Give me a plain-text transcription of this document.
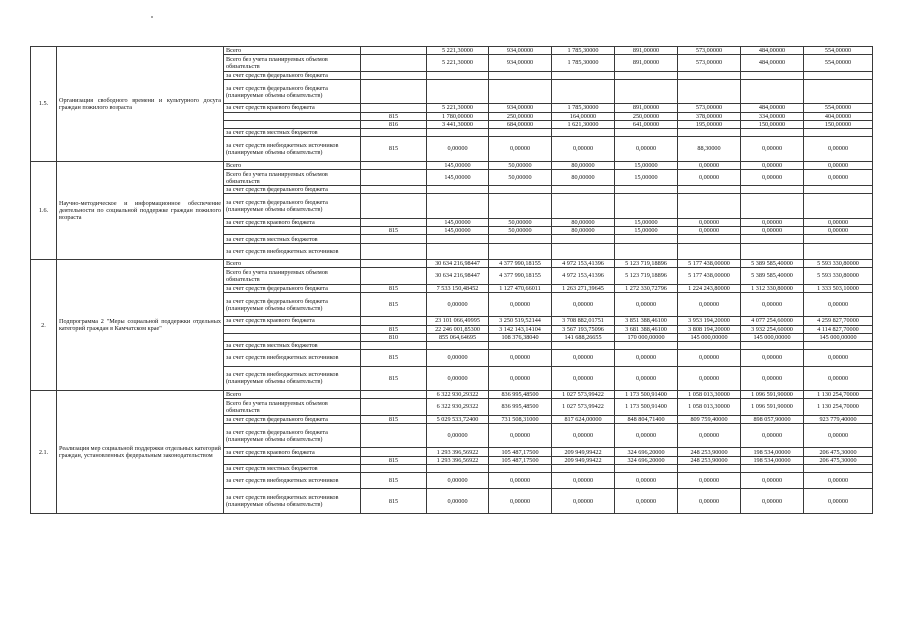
1.5.	Организация свободного времени и культурного досуга граждан пожилого возраста	Всего		5 221,30000	934,00000	1 785,30000	891,00000	573,00000	484,00000	554,00000
		Всего без учета планируемых объемов обязательств		5 221,30000	934,00000	1 785,30000	891,00000	573,00000	484,00000	554,00000
		за счет средств федерального бюджета								
		за счет средств федерального бюджета (планируемые объемы обязательств)								
		за счет средств краевого бюджета		5 221,30000	934,00000	1 785,30000	891,00000	573,00000	484,00000	554,00000
			815	1 780,00000	250,00000	164,00000	250,00000	378,00000	334,00000	404,00000
			816	3 441,30000	684,00000	1 621,30000	641,00000	195,00000	150,00000	150,00000
		за счет средств местных бюджетов								
		за счет средств внебюджетных источников (планируемые объемы обязательств)	815	0,00000	0,00000	0,00000	0,00000	88,30000	0,00000	0,00000
1.6.	Научно-методическое и информационное обеспечение деятельности по социальной поддержке граждан пожилого возраста	Всего		145,00000	50,00000	80,00000	15,00000	0,00000	0,00000	0,00000
		Всего без учета планируемых объемов обязательств		145,00000	50,00000	80,00000	15,00000	0,00000	0,00000	0,00000
		за счет средств федерального бюджета								
		за счет средств федерального бюджета (планируемые объемы обязательств)								
		за счет средств краевого бюджета		145,00000	50,00000	80,00000	15,00000	0,00000	0,00000	0,00000
			815	145,00000	50,00000	80,00000	15,00000	0,00000	0,00000	0,00000
		за счет средств местных бюджетов								
		за счет средств внебюджетных источников								
2.	Подпрограмма 2 "Меры социальной поддержки отдельных категорий граждан в Камчатском крае"	Всего		30 634 216,98447	4 377 990,18155	4 972 153,41396	5 123 719,18896	5 177 438,00000	5 389 585,40000	5 593 330,80000
		Всего без учета планируемых объемов обязательств		30 634 216,98447	4 377 990,18155	4 972 153,41396	5 123 719,18896	5 177 438,00000	5 389 585,40000	5 593 330,80000
		за счет средств федерального бюджета	815	7 533 150,48452	1 127 470,66011	1 263 271,39645	1 272 330,72796	1 224 243,80000	1 312 330,80000	1 333 503,10000
		за счет средств федерального бюджета (планируемые объемы обязательств)	815	0,00000	0,00000	0,00000	0,00000	0,00000	0,00000	0,00000
		за счет средств краевого бюджета		23 101 066,49995	3 250 519,52144	3 708 882,01751	3 851 388,46100	3 953 194,20000	4 077 254,60000	4 259 827,70000
			815	22 246 001,85300	3 142 143,14104	3 567 193,75096	3 681 388,46100	3 808 194,20000	3 932 254,60000	4 114 827,70000
			810	855 064,64695	108 376,38040	141 688,26655	170 000,00000	145 000,00000	145 000,00000	145 000,00000
		за счет средств местных бюджетов								
		за счет средств внебюджетных источников	815	0,00000	0,00000	0,00000	0,00000	0,00000	0,00000	0,00000
		за счет средств внебюджетных источников (планируемые объемы обязательств)	815	0,00000	0,00000	0,00000	0,00000	0,00000	0,00000	0,00000
2.1.	Реализация мер социальной поддержки отдельных категорий граждан, установленных федеральным законодательством	Всего		6 322 930,29322	836 995,48500	1 027 573,99422	1 173 500,91400	1 058 013,30000	1 096 591,90000	1 130 254,70000
		Всего без учета планируемых объемов обязательств		6 322 930,29322	836 995,48500	1 027 573,99422	1 173 500,91400	1 058 013,30000	1 096 591,90000	1 130 254,70000
		за счет средств федерального бюджета	815	5 029 533,72400	731 508,31000	817 624,00000	848 804,71400	809 759,40000	898 057,90000	923 779,40000
		за счет средств федерального бюджета (планируемые объемы обязательств)		0,00000	0,00000	0,00000	0,00000	0,00000	0,00000	0,00000
		за счет средств краевого бюджета		1 293 396,56922	105 487,17500	209 949,99422	324 696,20000	248 253,90000	198 534,00000	206 475,30000
			815	1 293 396,56922	105 487,17500	209 949,99422	324 696,20000	248 253,90000	198 534,00000	206 475,30000
		за счет средств местных бюджетов								
		за счет средств внебюджетных источников	815	0,00000	0,00000	0,00000	0,00000	0,00000	0,00000	0,00000
		за счет средств внебюджетных источников (планируемые объемы обязательств)	815	0,00000	0,00000	0,00000	0,00000	0,00000	0,00000	0,00000
